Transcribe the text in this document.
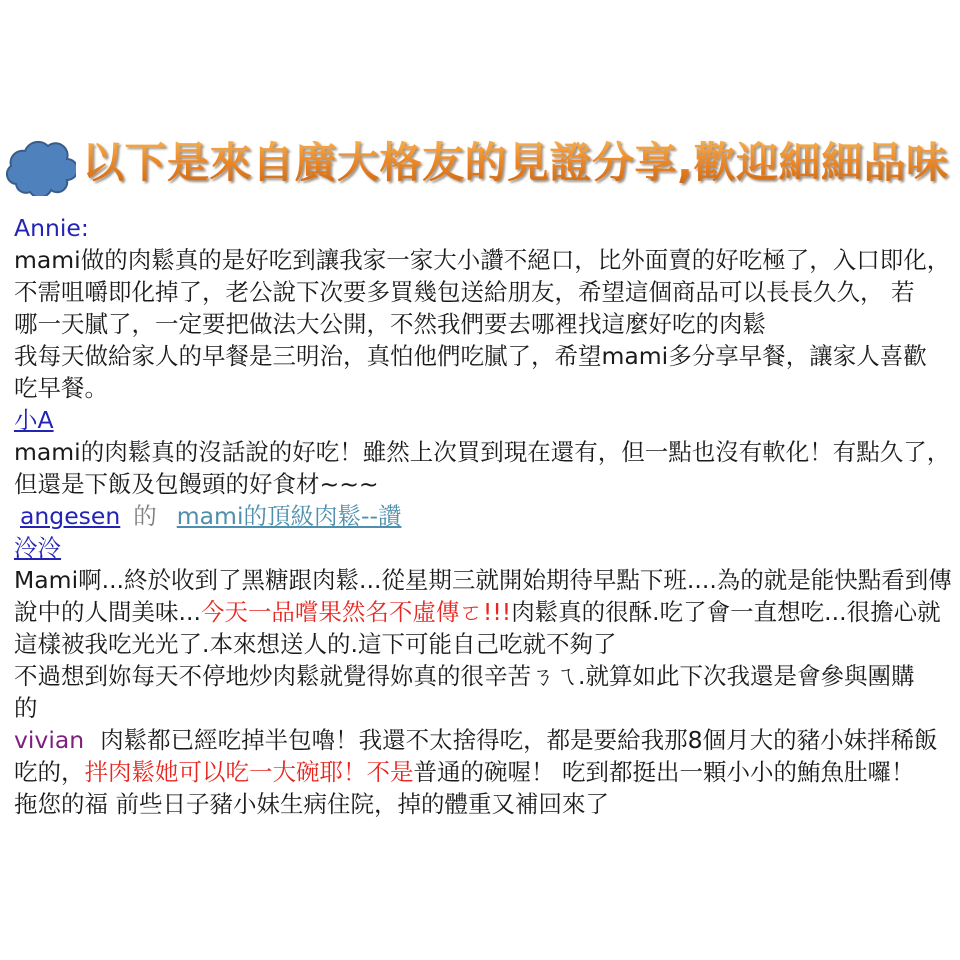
以下是來自廣大格友的見證分享,歡迎細細品味
Annie:
mami做的肉鬆真的是好吃到讓我家一家大小讚不絕口，比外面賣的好吃極了，入口即化，
不需咀嚼即化掉了，老公說下次要多買幾包送給朋友，希望這個商品可以長長久久， 若
哪一天膩了，一定要把做法大公開，不然我們要去哪裡找這麼好吃的肉鬆
我每天做給家人的早餐是三明治，真怕他們吃膩了，希望mami多分享早餐，讓家人喜歡
吃早餐。
小A
mami的肉鬆真的沒話說的好吃！雖然上次買到現在還有，但一點也沒有軟化！有點久了，
但還是下飯及包饅頭的好食材~~~
angesen 的 mami的頂級肉鬆--讚
泠泠
Mami啊...終於收到了黑糖跟肉鬆...從星期三就開始期待早點下班....為的就是能快點看到傳
說中的人間美味...今天一品嚐果然名不虛傳ㄛ!!!肉鬆真的很酥.吃了會一直想吃...很擔心就
這樣被我吃光光了.本來想送人的.這下可能自己吃就不夠了
不過想到妳每天不停地炒肉鬆就覺得妳真的很辛苦ㄋㄟ.就算如此下次我還是會參與團購
的
vivian 肉鬆都已經吃掉半包嚕！我還不太捨得吃，都是要給我那8個月大的豬小妹拌稀飯
吃的，拌肉鬆她可以吃一大碗耶！不是普通的碗喔！ 吃到都挺出一顆小小的鮪魚肚囉！
拖您的福 前些日子豬小妹生病住院，掉的體重又補回來了
